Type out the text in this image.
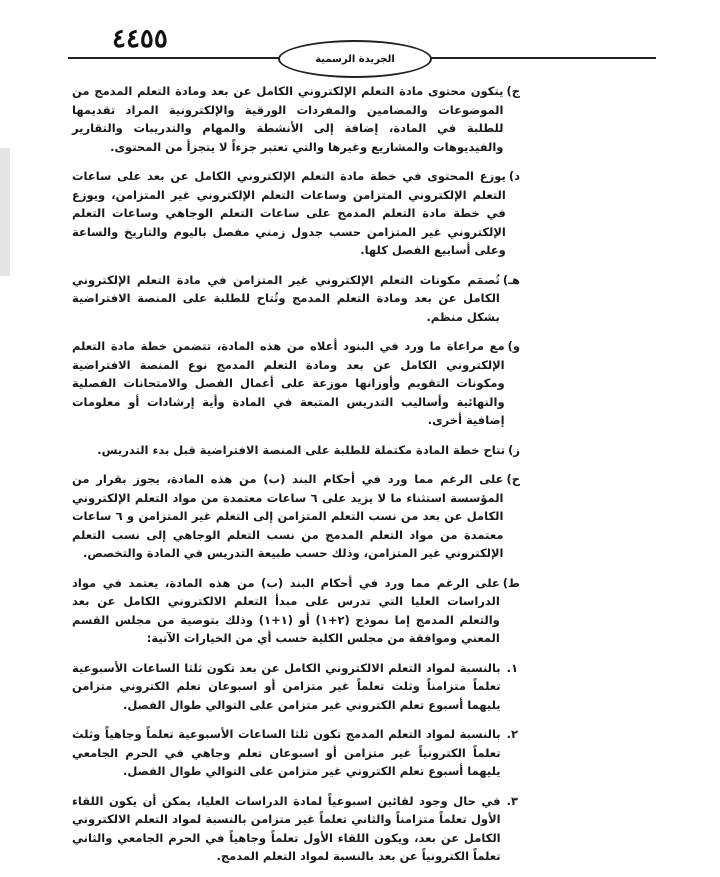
٤٤٥٥
الجريدة الرسمية
ج)
يتكون محتوى مادة التعلم الإلكتروني الكامل عن بعد ومادة التعلم المدمج من الموضوعات والمضامين والمفردات الورقية والإلكترونية المراد تقديمها للطلبة في المادة، إضافة إلى الأنشطة والمهام والتدريبات والتقارير والفيديوهات والمشاريع وغيرها والتي تعتبر جزءاً لا يتجزأ من المحتوى.
د)
يوزع المحتوى في خطة مادة التعلم الإلكتروني الكامل عن بعد على ساعات التعلم الإلكتروني المتزامن وساعات التعلم الإلكتروني غير المتزامن، ويوزع في خطة مادة التعلم المدمج على ساعات التعلم الوجاهي وساعات التعلم الإلكتروني غير المتزامن حسب جدول زمني مفصل باليوم والتاريخ والساعة وعلى أسابيع الفصل كلها.
هـ)
تُصمَم مكونات التعلم الإلكتروني غير المتزامن في مادة التعلم الإلكتروني الكامل عن بعد ومادة التعلم المدمج وتُتاح للطلبة على المنصة الافتراضية بشكل منظم.
و)
مع مراعاة ما ورد في البنود أعلاه من هذه المادة، تتضمن خطة مادة التعلم الإلكتروني الكامل عن بعد ومادة التعلم المدمج نوع المنصة الافتراضية ومكونات التقويم وأوزانها موزعة على أعمال الفصل والامتحانات الفصلية والنهائية وأساليب التدريس المتبعة في المادة وأية إرشادات أو معلومات إضافية أخرى.
ز)
تتاح خطة المادة مكتملة للطلبة على المنصة الافتراضية قبل بدء التدريس.
ح)
على الرغم مما ورد في أحكام البند (ب) من هذه المادة، يجوز بقرار من المؤسسة استثناء ما لا يزيد على ٦ ساعات معتمدة من مواد التعلم الإلكتروني الكامل عن بعد من نسب التعلم المتزامن إلى التعلم غير المتزامن و ٦ ساعات معتمدة من مواد التعلم المدمج من نسب التعلم الوجاهي إلى نسب التعلم الإلكتروني غير المتزامن، وذلك حسب طبيعة التدريس في المادة والتخصص.
ط)
على الرغم مما ورد في أحكام البند (ب) من هذه المادة، يعتمد في مواد الدراسات العليا التي تدرس على مبدأ التعلم الالكتروني الكامل عن بعد والتعلم المدمج إما نموذج (٢+١) أو (١+١) وذلك بتوصية من مجلس القسم المعني وموافقة من مجلس الكلية حسب أي من الخيارات الآتية:
١.
بالنسبة لمواد التعلم الالكتروني الكامل عن بعد تكون ثلثا الساعات الأسبوعية تعلماً متزامناً وثلث تعلماً غير متزامن أو اسبوعان تعلم الكتروني متزامن يليهما أسبوع تعلم الكتروني غير متزامن على التوالي طوال الفصل.
٢.
بالنسبة لمواد التعلم المدمج تكون ثلثا الساعات الأسبوعية تعلماً وجاهياً وثلث تعلماً الكترونياً غير متزامن أو اسبوعان تعلم وجاهي في الحرم الجامعي يليهما أسبوع تعلم الكتروني غير متزامن على التوالي طوال الفصل.
٣.
في حال وجود لقائين اسبوعياً لمادة الدراسات العليا، يمكن أن يكون اللقاء الأول تعلماً متزامناً والثاني تعلماً غير متزامن بالنسبة لمواد التعلم الالكتروني الكامل عن بعد، ويكون اللقاء الأول تعلماً وجاهياً في الحرم الجامعي والثاني تعلماً الكترونياً عن بعد بالنسبة لمواد التعلم المدمج.
